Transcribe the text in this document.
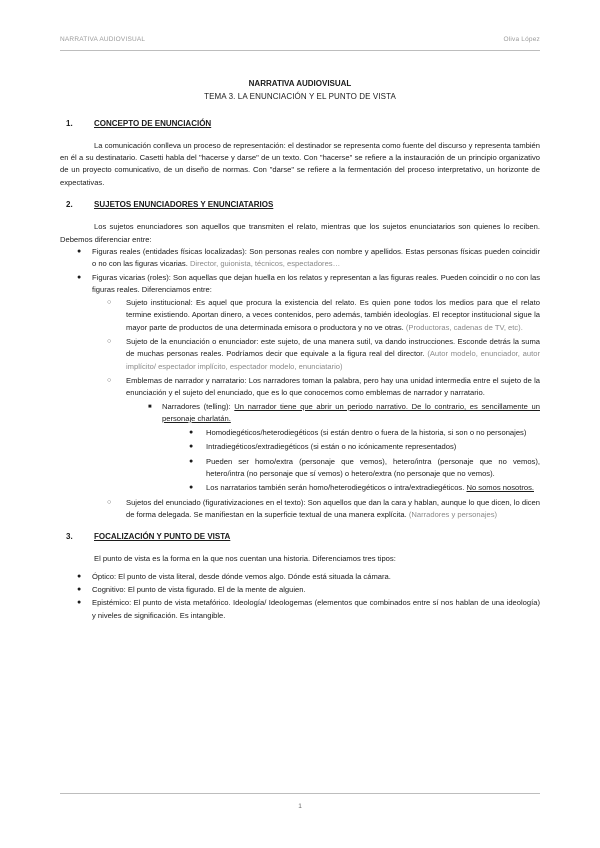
NARRATIVA AUDIOVISUAL	Oliva López

NARRATIVA AUDIOVISUAL

TEMA 3. LA ENUNCIACIÓN Y EL PUNTO DE VISTA

1.	CONCEPTO DE ENUNCIACIÓN

La comunicación conlleva un proceso de representación: el destinador se representa como fuente del discurso y representa también en él a su destinatario. Casetti habla del "hacerse y darse" de un texto. Con "hacerse" se refiere a la instauración de un principio organizativo de un proyecto comunicativo, de un diseño de normas. Con "darse" se refiere a la fermentación del proceso interpretativo, un horizonte de expectativas.

2.	SUJETOS ENUNCIADORES Y ENUNCIATARIOS

Los sujetos enunciadores son aquellos que transmiten el relato, mientras que los sujetos enunciatarios son quienes lo reciben. Debemos diferenciar entre:

● Figuras reales (entidades físicas localizadas): Son personas reales con nombre y apellidos. Estas personas físicas pueden coincidir o no con las figuras vicarias. Director, guionista, técnicos, espectadores…
● Figuras vicarias (roles): Son aquellas que dejan huella en los relatos y representan a las figuras reales. Pueden coincidir o no con las figuras reales. Diferenciamos entre:
○ Sujeto institucional: Es aquel que procura la existencia del relato. Es quien pone todos los medios para que el relato termine existiendo. Aportan dinero, a veces contenidos, pero además, también ideologías. El receptor institucional sigue la mayor parte de productos de una determinada emisora o productora y no ve otras. (Productoras, cadenas de TV, etc).
○ Sujeto de la enunciación o enunciador: este sujeto, de una manera sutil, va dando instrucciones. Esconde detrás la suma de muchas personas reales. Podríamos decir que equivale a la figura real del director. (Autor modelo, enunciador, autor implícito/ espectador implícito, espectador modelo, enunciatario)
○ Emblemas de narrador y narratario: Los narradores toman la palabra, pero hay una unidad intermedia entre el sujeto de la enunciación y el sujeto del enunciado, que es lo que conocemos como emblemas de narrador y narratario.
■ Narradores (telling): Un narrador tiene que abrir un periodo narrativo. De lo contrario, es sencillamente un personaje charlatán.
● Homodiegéticos/heterodiegéticos (si están dentro o fuera de la historia, si son o no personajes)
● Intradiegéticos/extradiegéticos (si están o no icónicamente representados)
● Pueden ser homo/extra (personaje que vemos), hetero/intra (personaje que no vemos), hetero/intra (no personaje que sí vemos) o hetero/extra (no personaje que no vemos).
● Los narratarios también serán homo/heterodiegéticos o intra/extradiegéticos. No somos nosotros.
○ Sujetos del enunciado (figurativizaciones en el texto): Son aquellos que dan la cara y hablan, aunque lo que dicen, lo dicen de forma delegada. Se manifiestan en la superficie textual de una manera explícita. (Narradores y personajes)
3.	FOCALIZACIÓN Y PUNTO DE VISTA

El punto de vista es la forma en la que nos cuentan una historia. Diferenciamos tres tipos:

● Óptico: El punto de vista literal, desde dónde vemos algo. Dónde está situada la cámara.
● Cognitivo: El punto de vista figurado. El de la mente de alguien.
● Epistémico: El punto de vista metafórico. Ideología/ Ideologemas (elementos que combinados entre sí nos hablan de una ideología) y niveles de significación. Es intangible.
1
